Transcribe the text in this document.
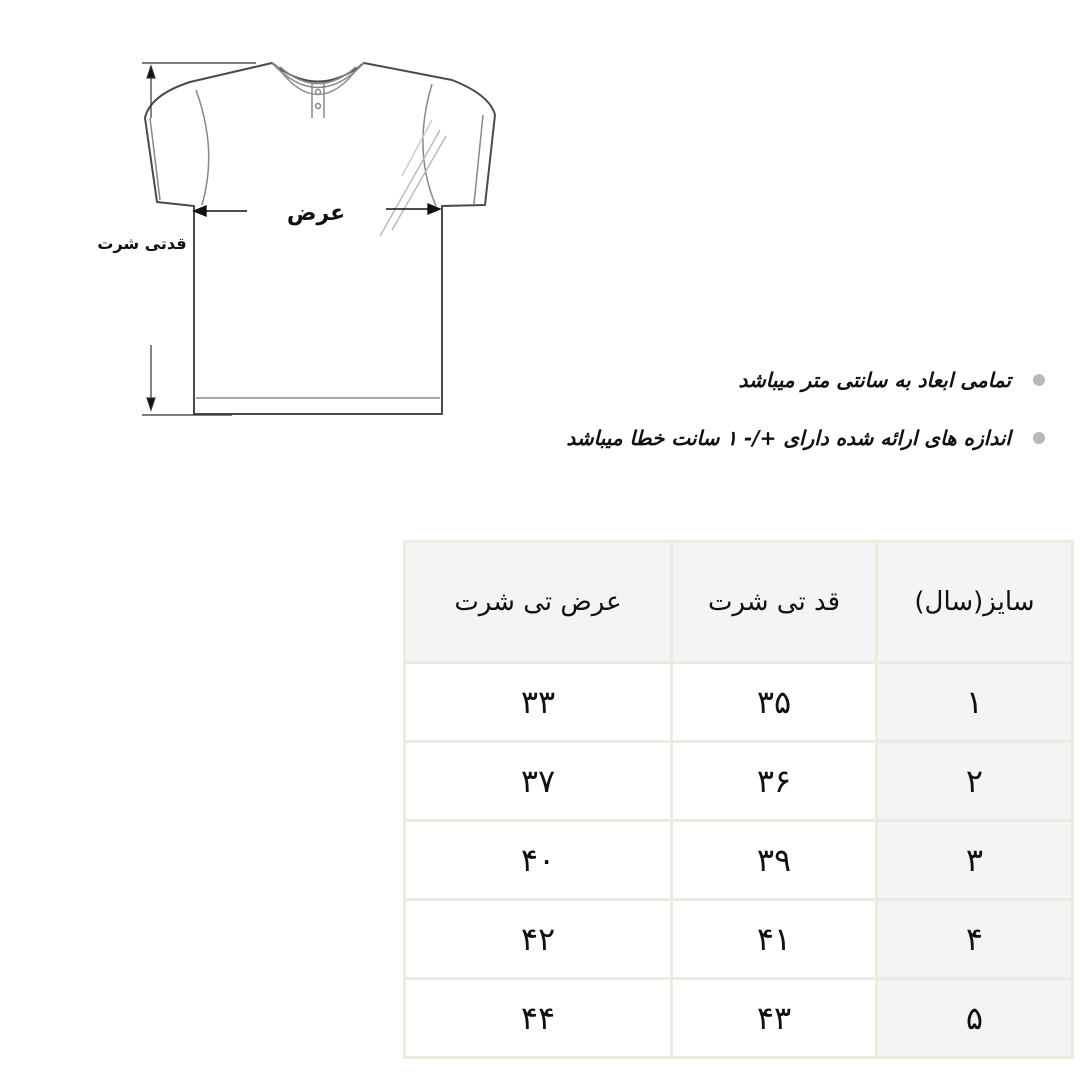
عرض
قدتی شرت
تمامی ابعاد به سانتی متر میباشد
اندازه های ارائه شده دارای +/- ۱ سانت خطا میباشد
سایز(سال)	قد تی شرت	عرض تی شرت
۱	۳۵	۳۳
۲	۳۶	۳۷
۳	۳۹	۴۰
۴	۴۱	۴۲
۵	۴۳	۴۴
